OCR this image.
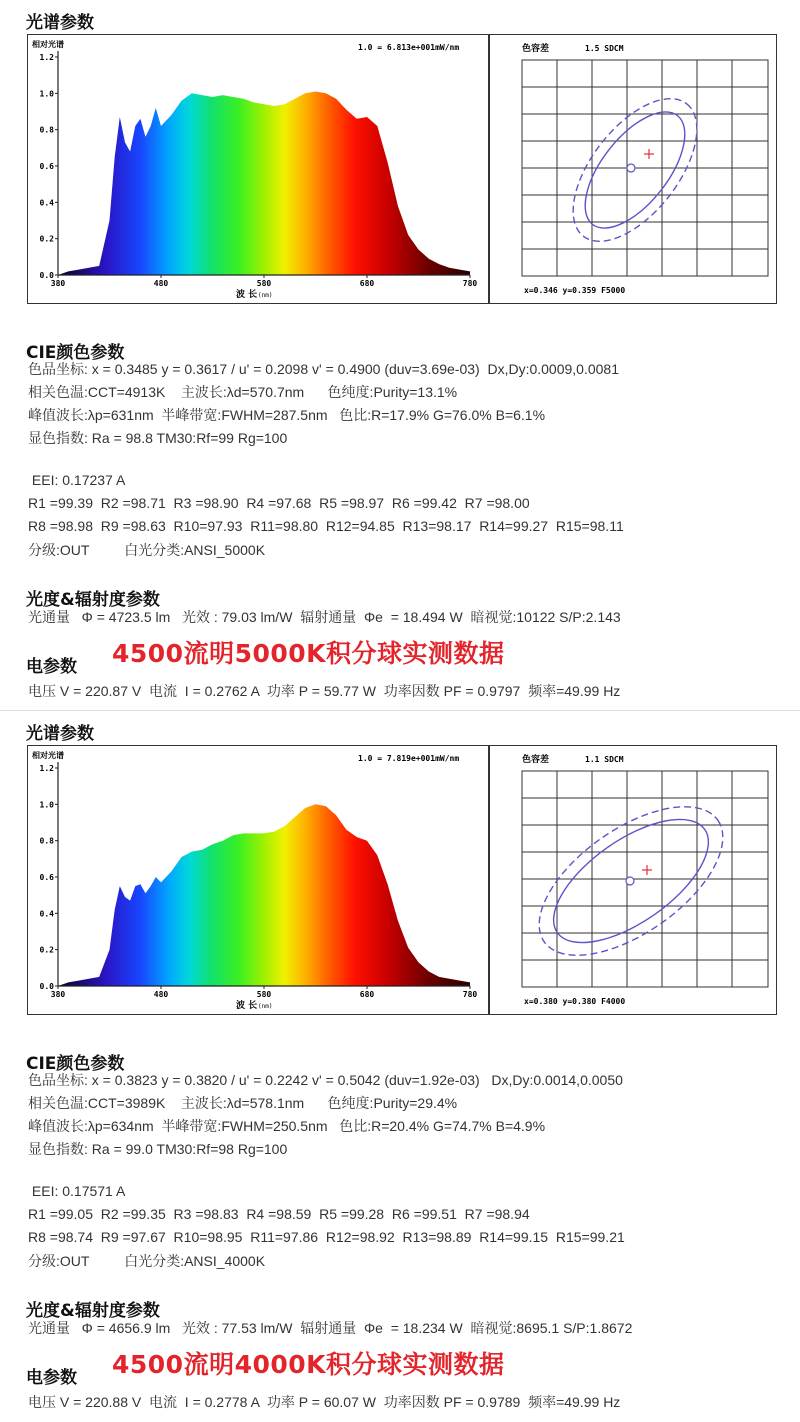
光谱参数
1.2
1.0
0.8
0.6
0.4
0.2
0.0
380	480	580	680	780
相对光谱	1.0 = 6.813e+001mW/nm
波 长 (nm)
色容差	1.5 SDCM
x=0.346 y=0.359 F5000
CIE颜色参数
色品坐标: x = 0.3485 y = 0.3617 / u' = 0.2098 v' = 0.4900 (duv=3.69e-03)  Dx,Dy:0.0009,0.0081
相关色温:CCT=4913K    主波长:λd=570.7nm      色纯度:Purity=13.1%
峰值波长:λp=631nm  半峰带宽:FWHM=287.5nm   色比:R=17.9% G=76.0% B=6.1%
显色指数: Ra = 98.8 TM30:Rf=99 Rg=100
EEI: 0.17237 A
R1 =99.39  R2 =98.71  R3 =98.90  R4 =97.68  R5 =98.97  R6 =99.42  R7 =98.00
R8 =98.98  R9 =98.63  R10=97.93  R11=98.80  R12=94.85  R13=98.17  R14=99.27  R15=98.11
分级:OUT         白光分类:ANSI_5000K
光度&辐射度参数
光通量   Φ = 4723.5 lm   光效 : 79.03 lm/W  辐射通量  Φe  = 18.494 W  暗视觉:10122 S/P:2.143
电参数 4500流明5000K积分球实测数据
电压 V = 220.87 V  电流  I = 0.2762 A  功率 P = 59.77 W  功率因数 PF = 0.9797  频率=49.99 Hz
光谱参数
1.2
1.0
0.8
0.6
0.4
0.2
0.0
380	480	580	680	780
相对光谱	1.0 = 7.819e+001mW/nm
波 长 (nm)
色容差	1.1 SDCM
x=0.380 y=0.380 F4000
CIE颜色参数
色品坐标: x = 0.3823 y = 0.3820 / u' = 0.2242 v' = 0.5042 (duv=1.92e-03)   Dx,Dy:0.0014,0.0050
相关色温:CCT=3989K    主波长:λd=578.1nm      色纯度:Purity=29.4%
峰值波长:λp=634nm  半峰带宽:FWHM=250.5nm   色比:R=20.4% G=74.7% B=4.9%
显色指数: Ra = 99.0 TM30:Rf=98 Rg=100
EEI: 0.17571 A
R1 =99.05  R2 =99.35  R3 =98.83  R4 =98.59  R5 =99.28  R6 =99.51  R7 =98.94
R8 =98.74  R9 =97.67  R10=98.95  R11=97.86  R12=98.92  R13=98.89  R14=99.15  R15=99.21
分级:OUT         白光分类:ANSI_4000K
光度&辐射度参数
光通量   Φ = 4656.9 lm   光效 : 77.53 lm/W  辐射通量  Φe  = 18.234 W  暗视觉:8695.1 S/P:1.8672
电参数 4500流明4000K积分球实测数据
电压 V = 220.88 V  电流  I = 0.2778 A  功率 P = 60.07 W  功率因数 PF = 0.9789  频率=49.99 Hz
